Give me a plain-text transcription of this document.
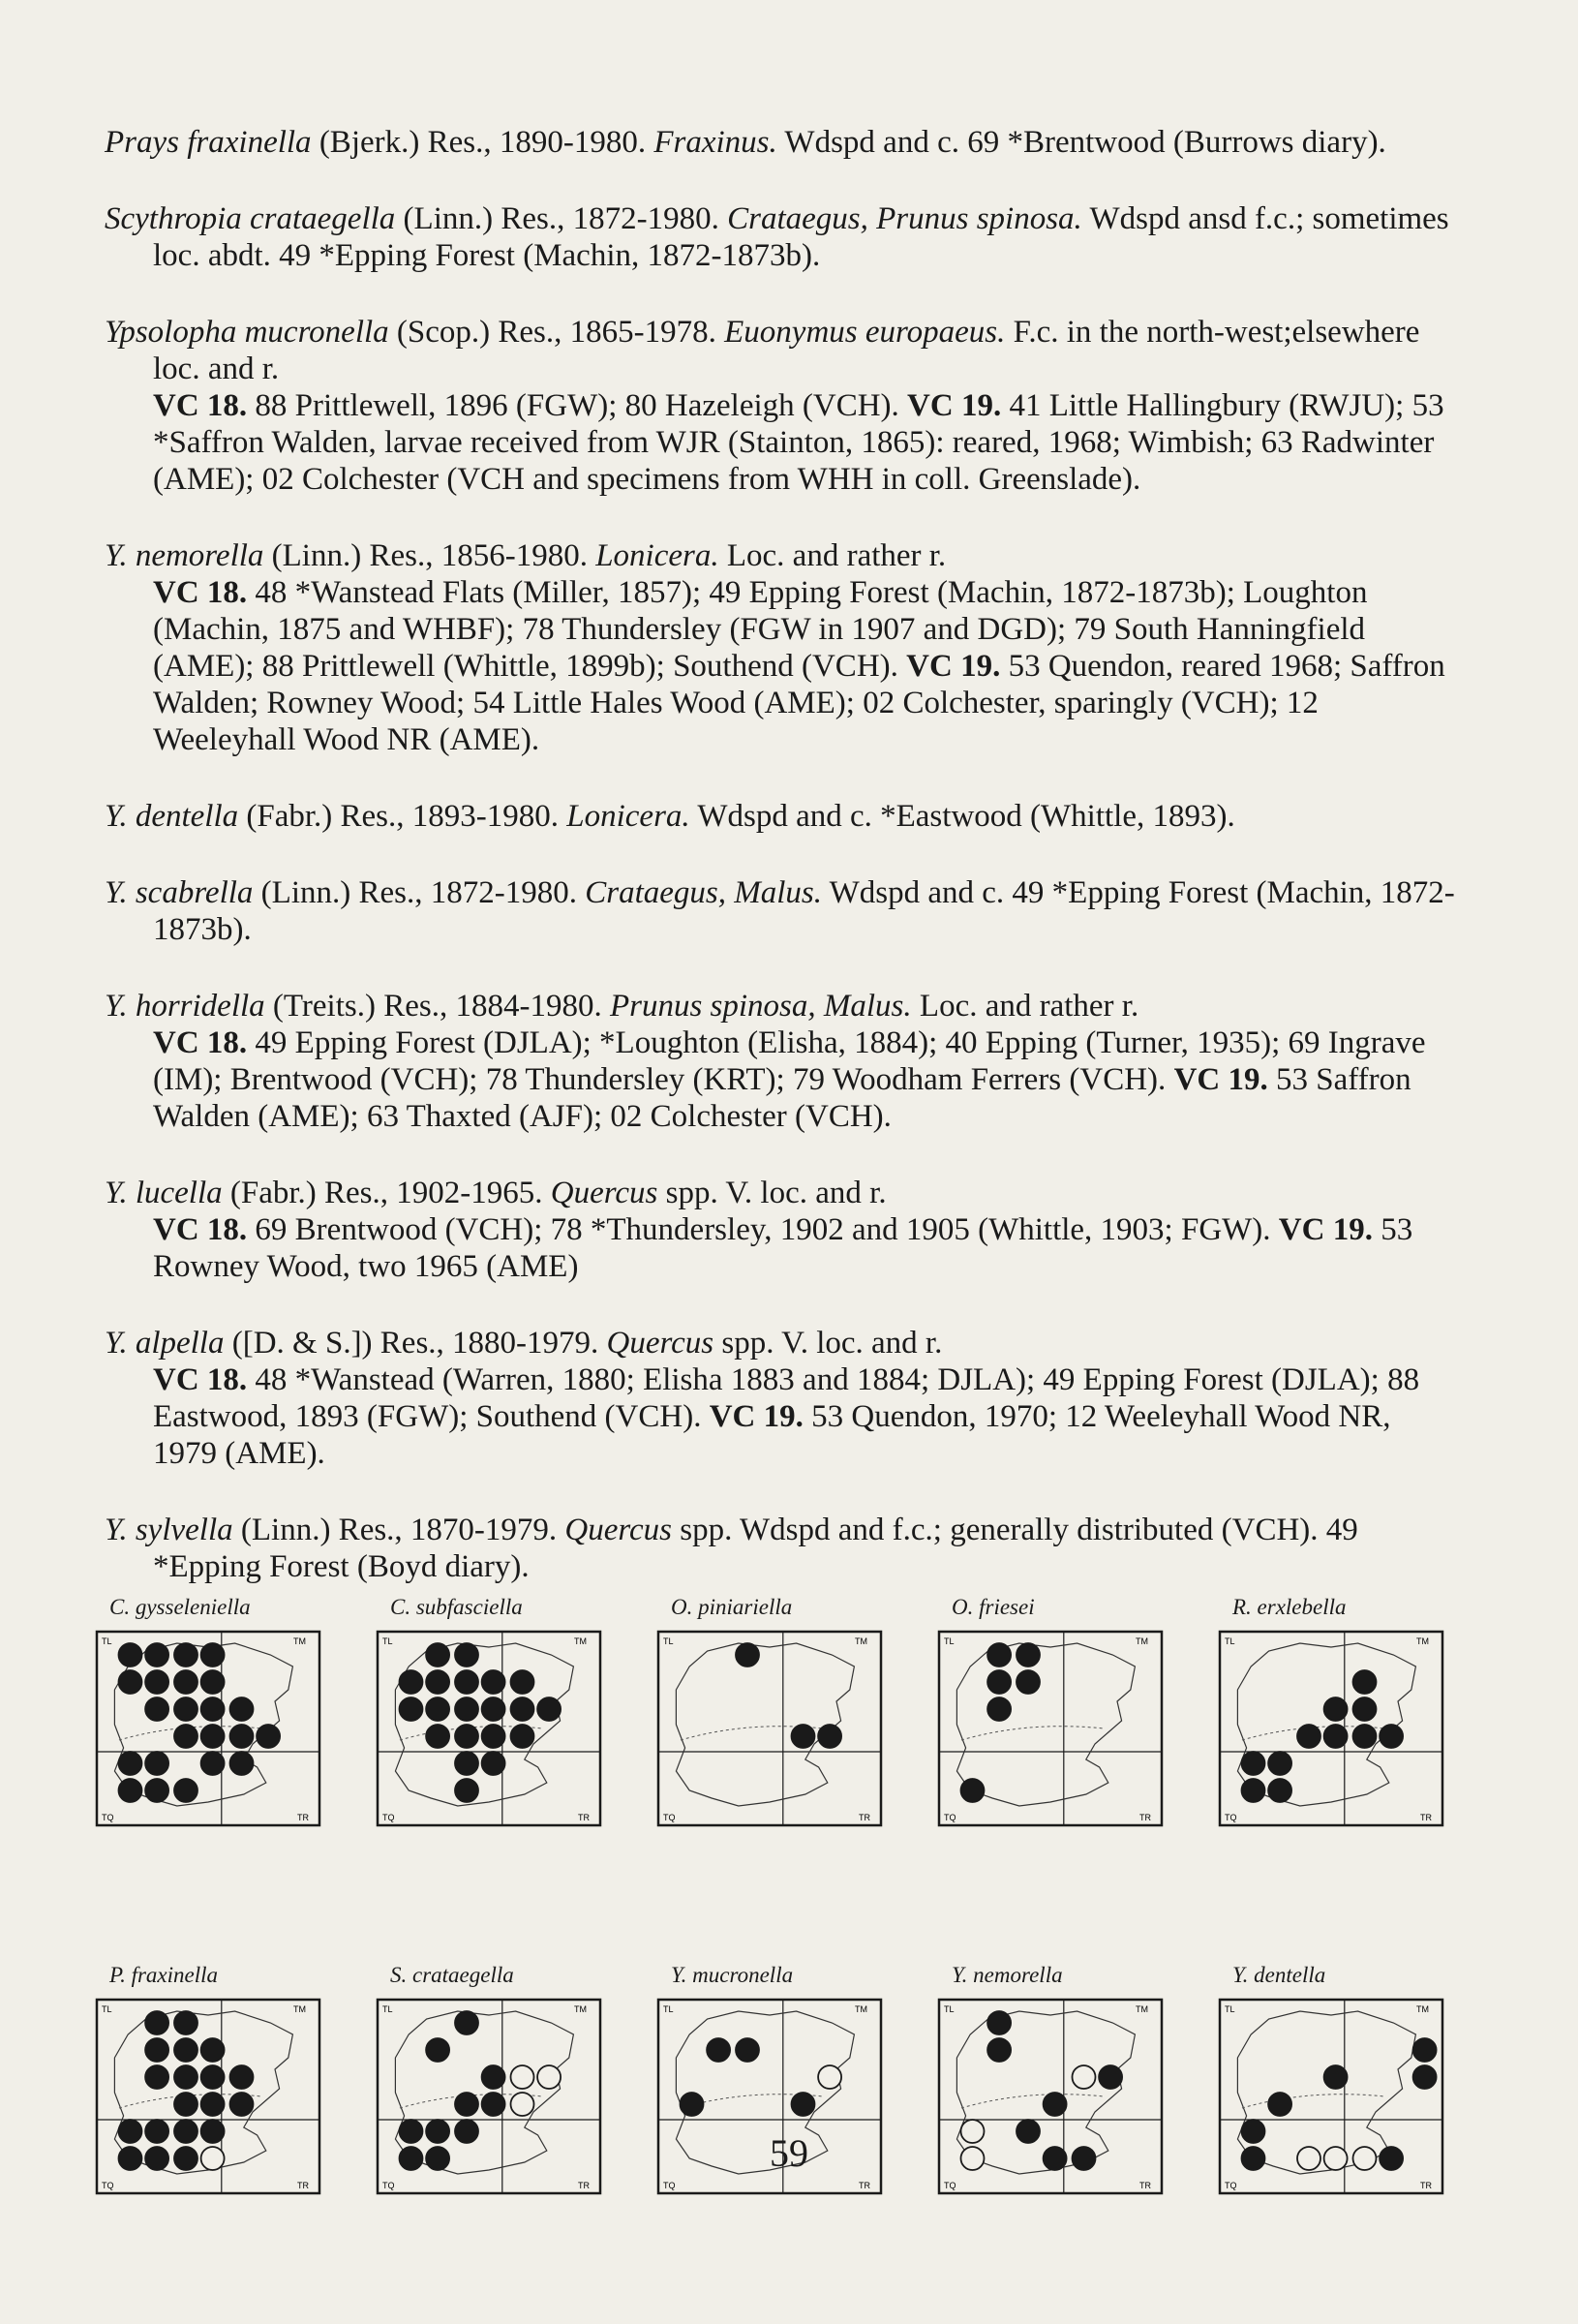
Prays fraxinella (Bjerk.) Res., 1890-1980. Fraxinus. Wdspd and c. 69 *Brentwood (Burrows diary).
Scythropia crataegella (Linn.) Res., 1872-1980. Crataegus, Prunus spinosa. Wdspd ansd f.c.; sometimes loc. abdt. 49 *Epping Forest (Machin, 1872-1873b).
Ypsolopha mucronella (Scop.) Res., 1865-1978. Euonymus europaeus. F.c. in the north-west;elsewhere loc. and r.
VC 18. 88 Prittlewell, 1896 (FGW); 80 Hazeleigh (VCH). VC 19. 41 Little Hallingbury (RWJU); 53 *Saffron Walden, larvae received from WJR (Stainton, 1865): reared, 1968; Wimbish; 63 Radwinter (AME); 02 Colchester (VCH and specimens from WHH in coll. Greenslade).
Y. nemorella (Linn.) Res., 1856-1980. Lonicera. Loc. and rather r.
VC 18. 48 *Wanstead Flats (Miller, 1857); 49 Epping Forest (Machin, 1872-1873b); Loughton (Machin, 1875 and WHBF); 78 Thundersley (FGW in 1907 and DGD); 79 South Hanningfield (AME); 88 Prittlewell (Whittle, 1899b); Southend (VCH). VC 19. 53 Quendon, reared 1968; Saffron Walden; Rowney Wood; 54 Little Hales Wood (AME); 02 Colchester, sparingly (VCH); 12 Weeleyhall Wood NR (AME).
Y. dentella (Fabr.) Res., 1893-1980. Lonicera. Wdspd and c. *Eastwood (Whittle, 1893).
Y. scabrella (Linn.) Res., 1872-1980. Crataegus, Malus. Wdspd and c. 49 *Epping Forest (Machin, 1872-1873b).
Y. horridella (Treits.) Res., 1884-1980. Prunus spinosa, Malus. Loc. and rather r.
VC 18. 49 Epping Forest (DJLA); *Loughton (Elisha, 1884); 40 Epping (Turner, 1935); 69 Ingrave (IM); Brentwood (VCH); 78 Thundersley (KRT); 79 Woodham Ferrers (VCH). VC 19. 53 Saffron Walden (AME); 63 Thaxted (AJF); 02 Colchester (VCH).
Y. lucella (Fabr.) Res., 1902-1965. Quercus spp. V. loc. and r.
VC 18. 69 Brentwood (VCH); 78 *Thundersley, 1902 and 1905 (Whittle, 1903; FGW). VC 19. 53 Rowney Wood, two 1965 (AME)
Y. alpella ([D. & S.]) Res., 1880-1979. Quercus spp. V. loc. and r.
VC 18. 48 *Wanstead (Warren, 1880; Elisha 1883 and 1884; DJLA); 49 Epping Forest (DJLA); 88 Eastwood, 1893 (FGW); Southend (VCH). VC 19. 53 Quendon, 1970; 12 Weeleyhall Wood NR, 1979 (AME).
Y. sylvella (Linn.) Res., 1870-1979. Quercus spp. Wdspd and f.c.; generally distributed (VCH). 49 *Epping Forest (Boyd diary).
C. gysseleniella
TL	TM
TQ	TR
C. subfasciella
TL	TM
TQ	TR
O. piniariella
TL	TM
TQ	TR
O. friesei
TL	TM
TQ	TR
R. erxlebella
TL	TM
TQ	TR
P. fraxinella
TL	TM
TQ	TR
S. crataegella
TL	TM
TQ	TR
Y. mucronella
TL	TM
TQ	TR
Y. nemorella
TL	TM
TQ	TR
Y. dentella
TL	TM
TQ	TR
59
